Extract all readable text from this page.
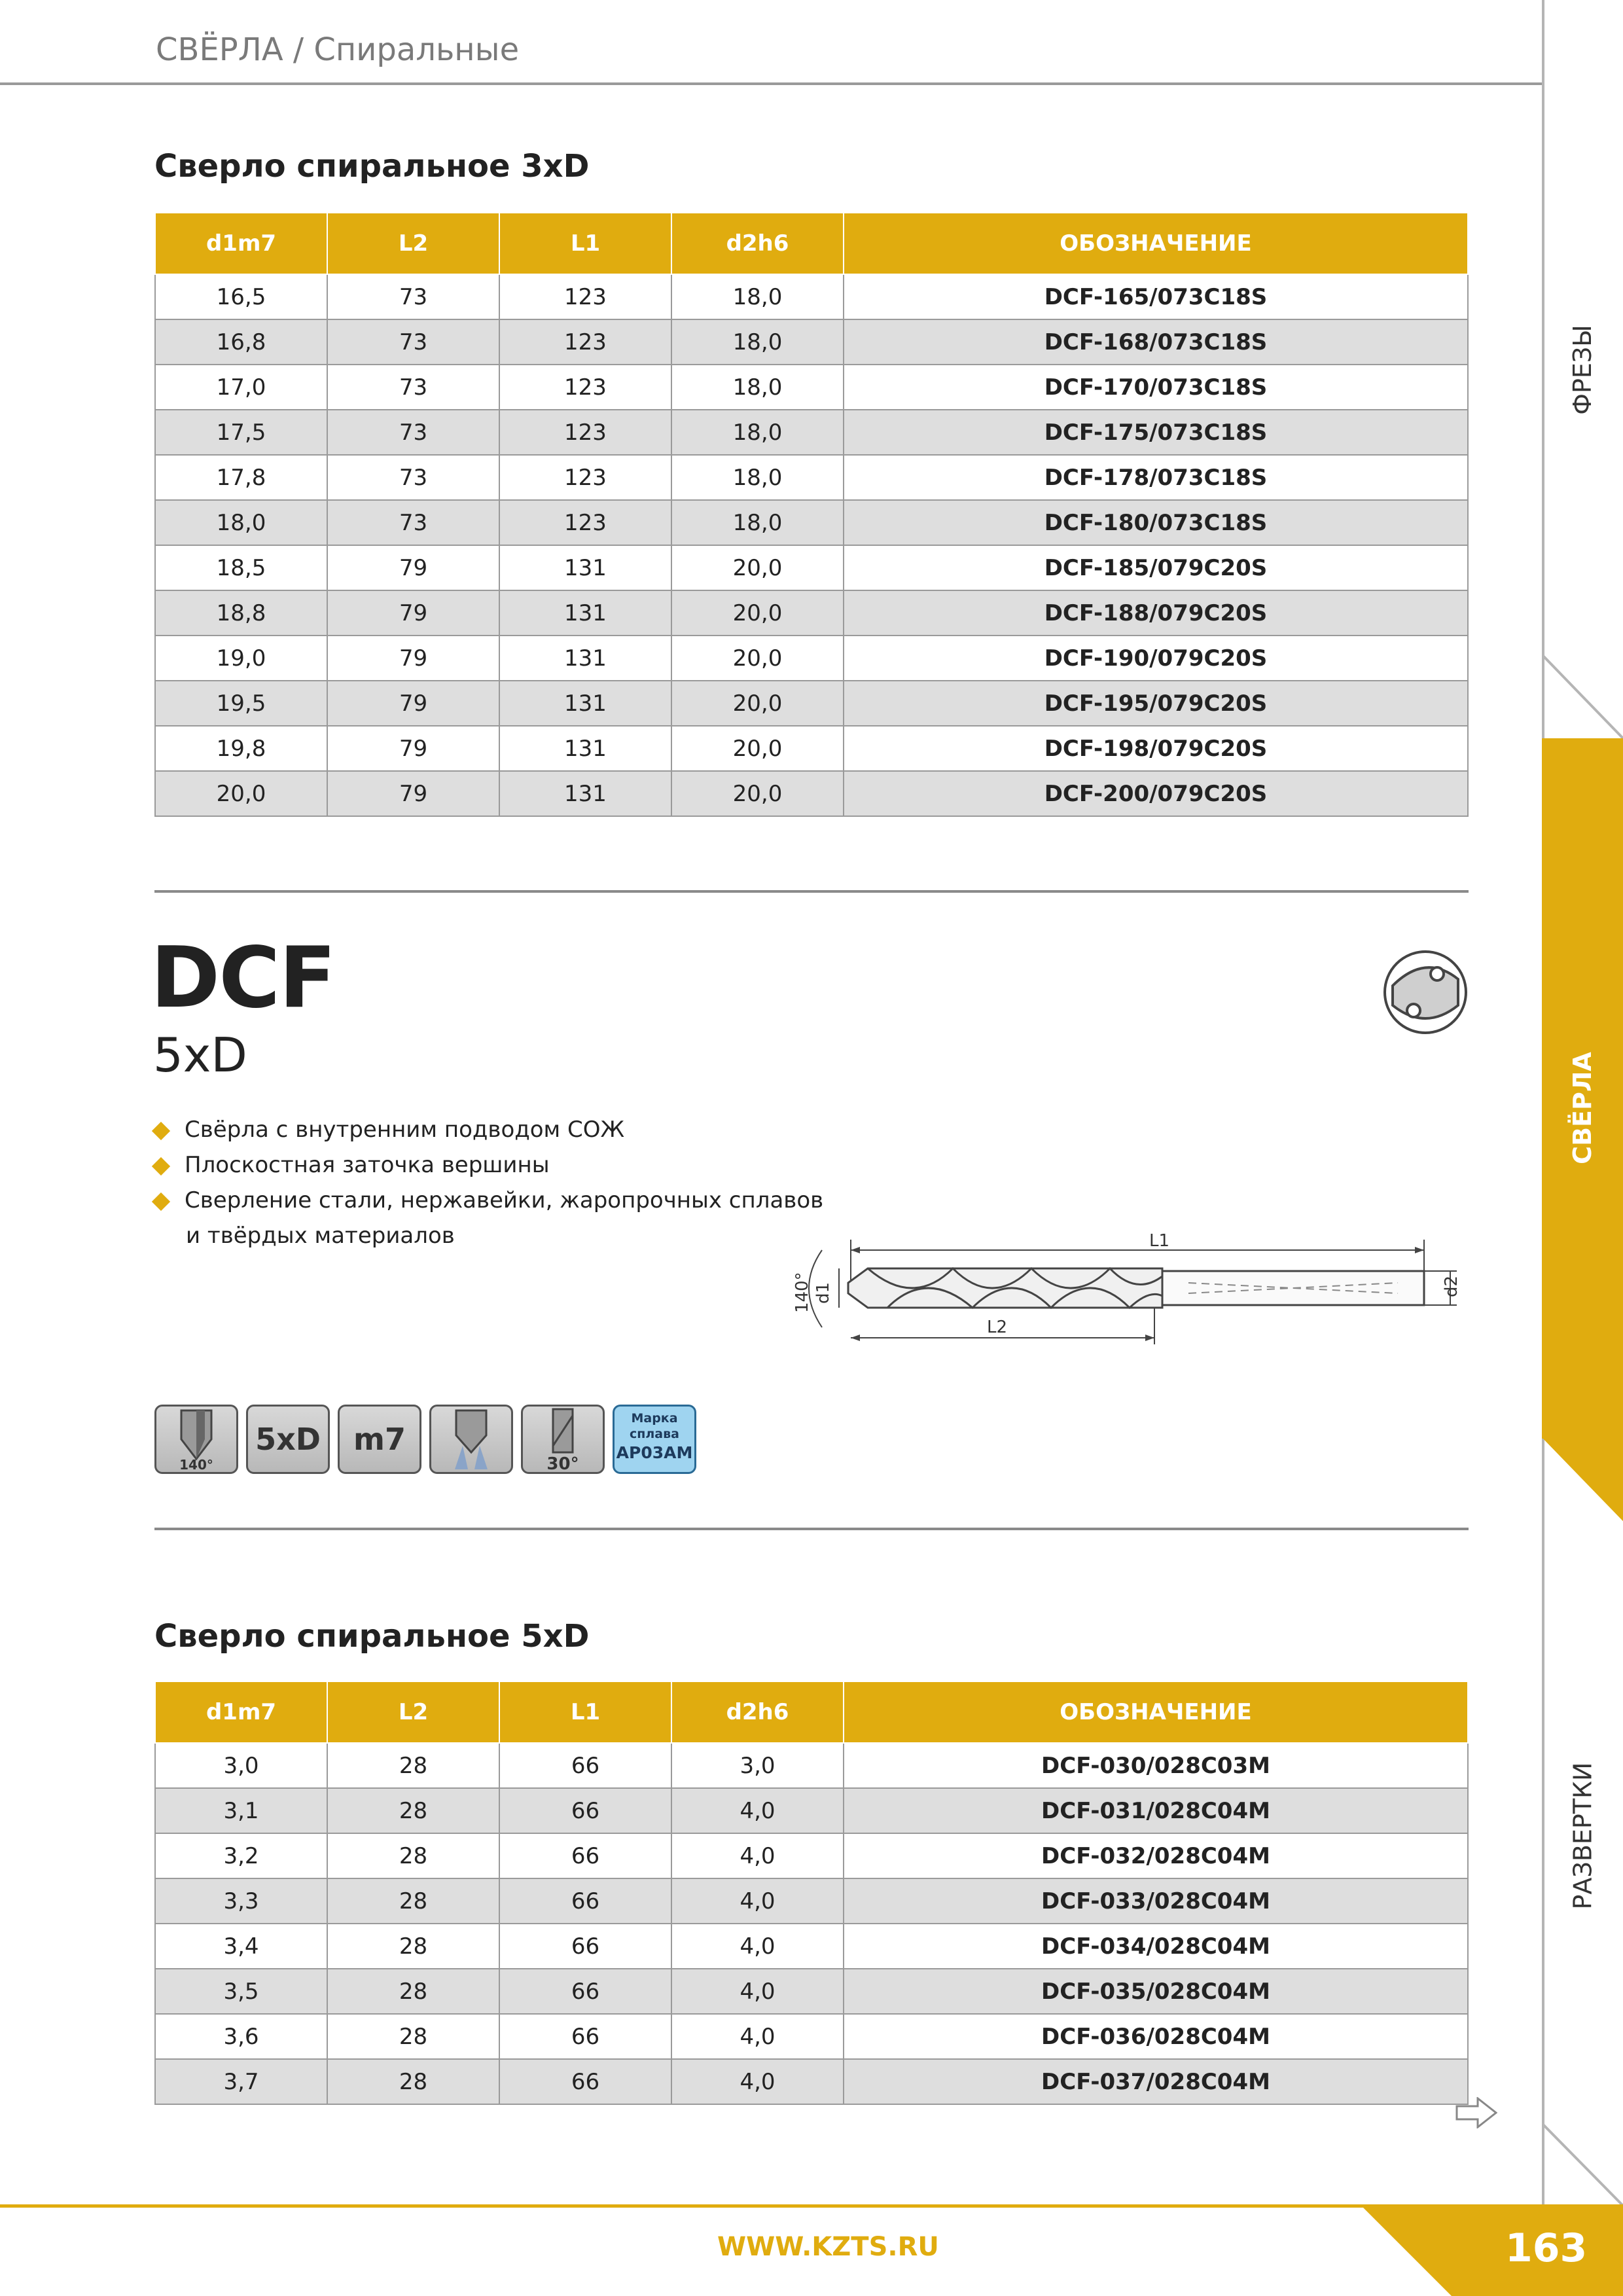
СВЁРЛА / Спиральные
ФРЕЗЫ
СВЁРЛА
РАЗВЕРТКИ
Сверло спиральное 3xD
d1m7	L2	L1	d2h6	ОБОЗНАЧЕНИЕ
16,5	73	123	18,0	DCF-165/073C18S
16,8	73	123	18,0	DCF-168/073C18S
17,0	73	123	18,0	DCF-170/073C18S
17,5	73	123	18,0	DCF-175/073C18S
17,8	73	123	18,0	DCF-178/073C18S
18,0	73	123	18,0	DCF-180/073C18S
18,5	79	131	20,0	DCF-185/079C20S
18,8	79	131	20,0	DCF-188/079C20S
19,0	79	131	20,0	DCF-190/079C20S
19,5	79	131	20,0	DCF-195/079C20S
19,8	79	131	20,0	DCF-198/079C20S
20,0	79	131	20,0	DCF-200/079C20S
DCF
5xD
Свёрла с внутренним подводом СОЖ
Плоскостная заточка вершины
Сверление стали, нержавейки, жаропрочных сплавов
и твёрдых материалов	L1
d2
L2
d1
140°
140°
5xD	m7
30°
Марка
сплава
AP03AM
Сверло спиральное 5xD
d1m7	L2	L1	d2h6	ОБОЗНАЧЕНИЕ
3,0	28	66	3,0	DCF-030/028C03M
3,1	28	66	4,0	DCF-031/028C04M
3,2	28	66	4,0	DCF-032/028C04M
3,3	28	66	4,0	DCF-033/028C04M
3,4	28	66	4,0	DCF-034/028C04M
3,5	28	66	4,0	DCF-035/028C04M
3,6	28	66	4,0	DCF-036/028C04M
3,7	28	66	4,0	DCF-037/028C04M
WWW.KZTS.RU	163
